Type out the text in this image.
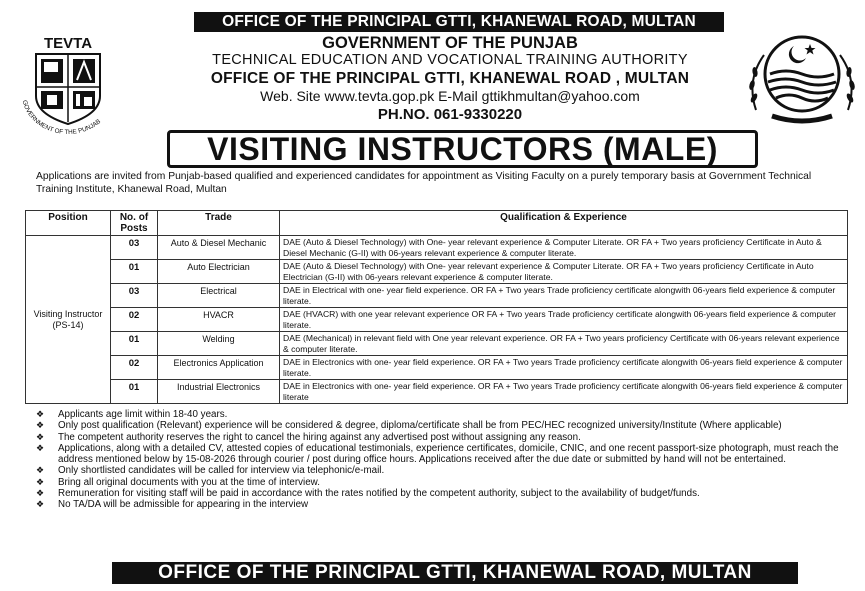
OFFICE OF THE PRINCIPAL GTTI, KHANEWAL ROAD, MULTAN
TEVTA
GOVERNMENT OF THE PUNJAB
GOVERNMENT OF THE PUNJAB
TECHNICAL EDUCATION AND VOCATIONAL TRAINING AUTHORITY
OFFICE OF THE PRINCIPAL GTTI, KHANEWAL ROAD , MULTAN
Web. Site www.tevta.gop.pk E-Mail gttikhmultan@yahoo.com
PH.NO. 061-9330220
VISITING INSTRUCTORS (MALE)

Applications are invited from Punjab-based qualified and experienced candidates for appointment as Visiting Faculty on a purely temporary basis at Government Technical Training Institute, Khanewal Road, Multan

Position	No. of Posts	Trade	Qualification & Experience
Visiting Instructor (PS-14)	03	Auto & Diesel Mechanic	DAE (Auto & Diesel Technology) with One- year relevant experience & Computer Literate. OR FA + Two years proficiency Certificate in Auto & Diesel Mechanic (G-II) with 06-years relevant experience & computer literate.
	01	Auto Electrician	DAE (Auto & Diesel Technology) with One- year relevant experience & Computer Literate. OR FA + Two years proficiency Certificate in Auto Electrician (G-II) with 06-years relevant experience & computer literate.
	03	Electrical	DAE in Electrical with one- year field experience. OR FA + Two years Trade proficiency certificate alongwith 06-years field experience & computer literate.
	02	HVACR	DAE (HVACR) with one year relevant experience OR FA + Two years Trade proficiency certificate alongwith 06-years field experience & computer literate.
	01	Welding	DAE (Mechanical) in relevant field with One year relevant experience. OR FA + Two years proficiency Certificate with 06-years relevant experience & computer literate.
	02	Electronics Application	DAE in Electronics with one- year field experience. OR FA + Two years Trade proficiency certificate alongwith 06-years field experience & computer literate.
	01	Industrial Electronics	DAE in Electronics with one- year field experience. OR FA + Two years Trade proficiency certificate alongwith 06-years field experience & computer literate
❖	Applicants age limit within 18-40 years.
❖	Only post qualification (Relevant) experience will be considered & degree, diploma/certificate shall be from PEC/HEC recognized university/Institute (Where applicable)
❖	The competent authority reserves the right to cancel the hiring against any advertised post without assigning any reason.
❖	Applications, along with a detailed CV, attested copies of educational testimonials, experience certificates, domicile, CNIC, and one recent passport-size photograph, must reach the address mentioned below by 15-08-2026 through courier / post during office hours. Applications received after the due date or submitted by hand will not be entertained.
❖	Only shortlisted candidates will be called for interview via telephonic/e-mail.
❖	Bring all original documents with you at the time of interview.
❖	Remuneration for visiting staff will be paid in accordance with the rates notified by the competent authority, subject to the availability of budget/funds.
❖	No TA/DA will be admissible for appearing in the interview
OFFICE OF THE PRINCIPAL GTTI, KHANEWAL ROAD, MULTAN
